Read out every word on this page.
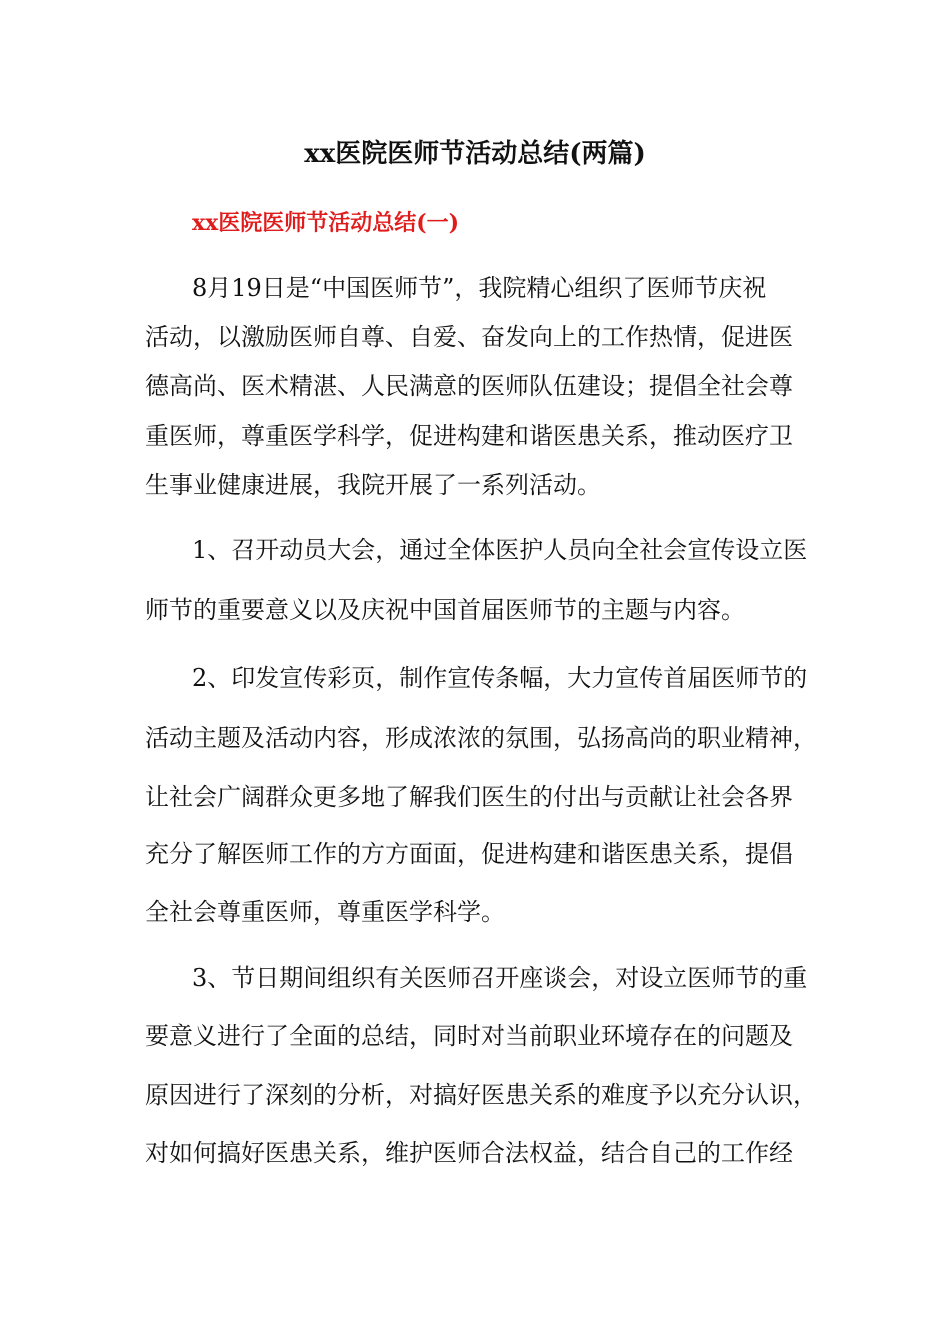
xx医院医师节活动总结(两篇)
xx医院医师节活动总结(一)
8月19日是“中国医师节”，我院精心组织了医师节庆祝
活动，以激励医师自尊、自爱、奋发向上的工作热情，促进医
德高尚、医术精湛、人民满意的医师队伍建设；提倡全社会尊
重医师，尊重医学科学，促进构建和谐医患关系，推动医疗卫
生事业健康进展，我院开展了一系列活动。
1、召开动员大会，通过全体医护人员向全社会宣传设立医
师节的重要意义以及庆祝中国首届医师节的主题与内容。
2、印发宣传彩页，制作宣传条幅，大力宣传首届医师节的
活动主题及活动内容，形成浓浓的氛围，弘扬高尚的职业精神，
让社会广阔群众更多地了解我们医生的付出与贡献让社会各界
充分了解医师工作的方方面面，促进构建和谐医患关系，提倡
全社会尊重医师，尊重医学科学。
3、节日期间组织有关医师召开座谈会，对设立医师节的重
要意义进行了全面的总结，同时对当前职业环境存在的问题及
原因进行了深刻的分析，对搞好医患关系的难度予以充分认识，
对如何搞好医患关系，维护医师合法权益，结合自己的工作经
